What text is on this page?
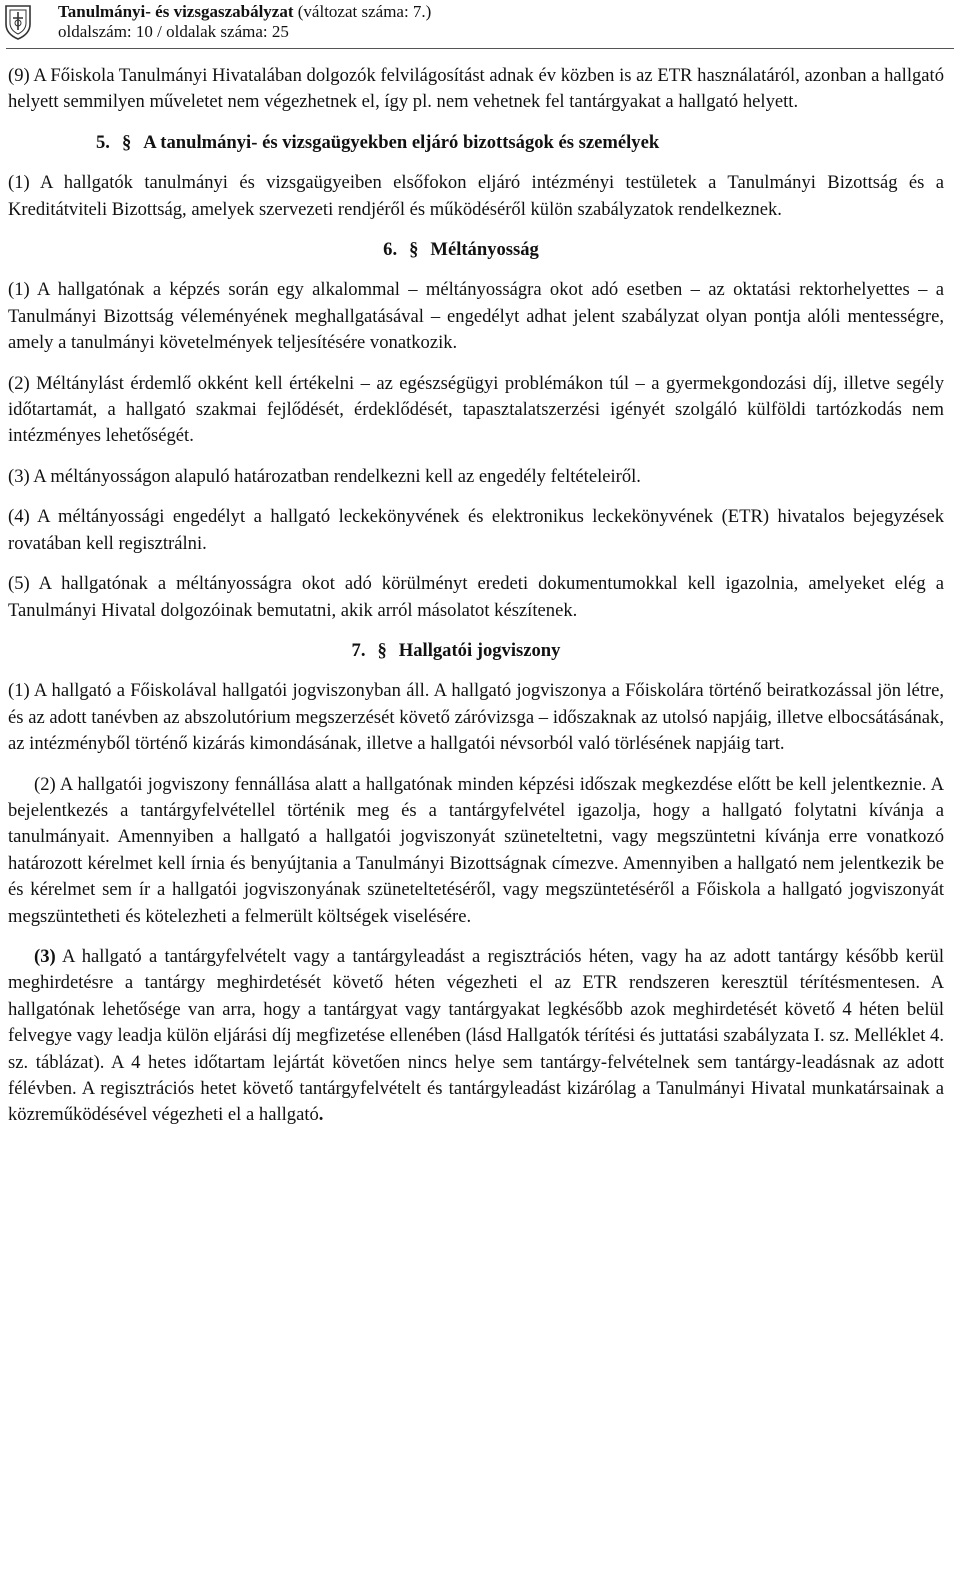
Tanulmányi- és vizsgaszabályzat (változat száma: 7.)
oldalszám: 10 / oldalak száma: 25

(9) A Főiskola Tanulmányi Hivatalában dolgozók felvilágosítást adnak év közben is az ETR használatáról, azonban a hallgató helyett semmilyen műveletet nem végezhetnek el, így pl. nem vehetnek fel tantárgyakat a hallgató helyett.

5. § A tanulmányi- és vizsgaügyekben eljáró bizottságok és személyek

(1) A hallgatók tanulmányi és vizsgaügyeiben elsőfokon eljáró intézményi testületek a Tanulmányi Bizottság és a Kreditátviteli Bizottság, amelyek szervezeti rendjéről és működéséről külön szabályzatok rendelkeznek.

6. § Méltányosság

(1) A hallgatónak a képzés során egy alkalommal – méltányosságra okot adó esetben – az oktatási rektorhelyettes – a Tanulmányi Bizottság véleményének meghallgatásával – engedélyt adhat jelent szabályzat olyan pontja alóli mentességre, amely a tanulmányi követelmények teljesítésére vonatkozik.

(2) Méltánylást érdemlő okként kell értékelni – az egészségügyi problémákon túl – a gyermekgondozási díj, illetve segély időtartamát, a hallgató szakmai fejlődését, érdeklődését, tapasztalatszerzési igényét szolgáló külföldi tartózkodás nem intézményes lehetőségét.

(3) A méltányosságon alapuló határozatban rendelkezni kell az engedély feltételeiről.

(4) A méltányossági engedélyt a hallgató leckekönyvének és elektronikus leckekönyvének (ETR) hivatalos bejegyzések rovatában kell regisztrálni.

(5) A hallgatónak a méltányosságra okot adó körülményt eredeti dokumentumokkal kell igazolnia, amelyeket elég a Tanulmányi Hivatal dolgozóinak bemutatni, akik arról másolatot készítenek.

7. § Hallgatói jogviszony

(1) A hallgató a Főiskolával hallgatói jogviszonyban áll. A hallgató jogviszonya a Főiskolára történő beiratkozással jön létre, és az adott tanévben az abszolutórium megszerzését követő záróvizsga – időszaknak az utolsó napjáig, illetve elbocsátásának, az intézményből történő kizárás kimondásának, illetve a hallgatói névsorból való törlésének napjáig tart.

(2) A hallgatói jogviszony fennállása alatt a hallgatónak minden képzési időszak megkezdése előtt be kell jelentkeznie. A bejelentkezés a tantárgyfelvétellel történik meg és a tantárgyfelvétel igazolja, hogy a hallgató folytatni kívánja a tanulmányait. Amennyiben a hallgató a hallgatói jogviszonyát szüneteltetni, vagy megszüntetni kívánja erre vonatkozó határozott kérelmet kell írnia és benyújtania a Tanulmányi Bizottságnak címezve. Amennyiben a hallgató nem jelentkezik be és kérelmet sem ír a hallgatói jogviszonyának szüneteltetéséről, vagy megszüntetéséről a Főiskola a hallgató jogviszonyát megszüntetheti és kötelezheti a felmerült költségek viselésére.

(3) A hallgató a tantárgyfelvételt vagy a tantárgyleadást a regisztrációs héten, vagy ha az adott tantárgy később kerül meghirdetésre a tantárgy meghirdetését követő héten végezheti el az ETR rendszeren keresztül térítésmentesen. A hallgatónak lehetősége van arra, hogy a tantárgyat vagy tantárgyakat legkésőbb azok meghirdetését követő 4 héten belül felvegye vagy leadja külön eljárási díj megfizetése ellenében (lásd Hallgatók térítési és juttatási szabályzata I. sz. Melléklet 4. sz. táblázat). A 4 hetes időtartam lejártát követően nincs helye sem tantárgy-felvételnek sem tantárgy-leadásnak az adott félévben. A regisztrációs hetet követő tantárgyfelvételt és tantárgyleadást kizárólag a Tanulmányi Hivatal munkatársainak a közreműködésével végezheti el a hallgató.
